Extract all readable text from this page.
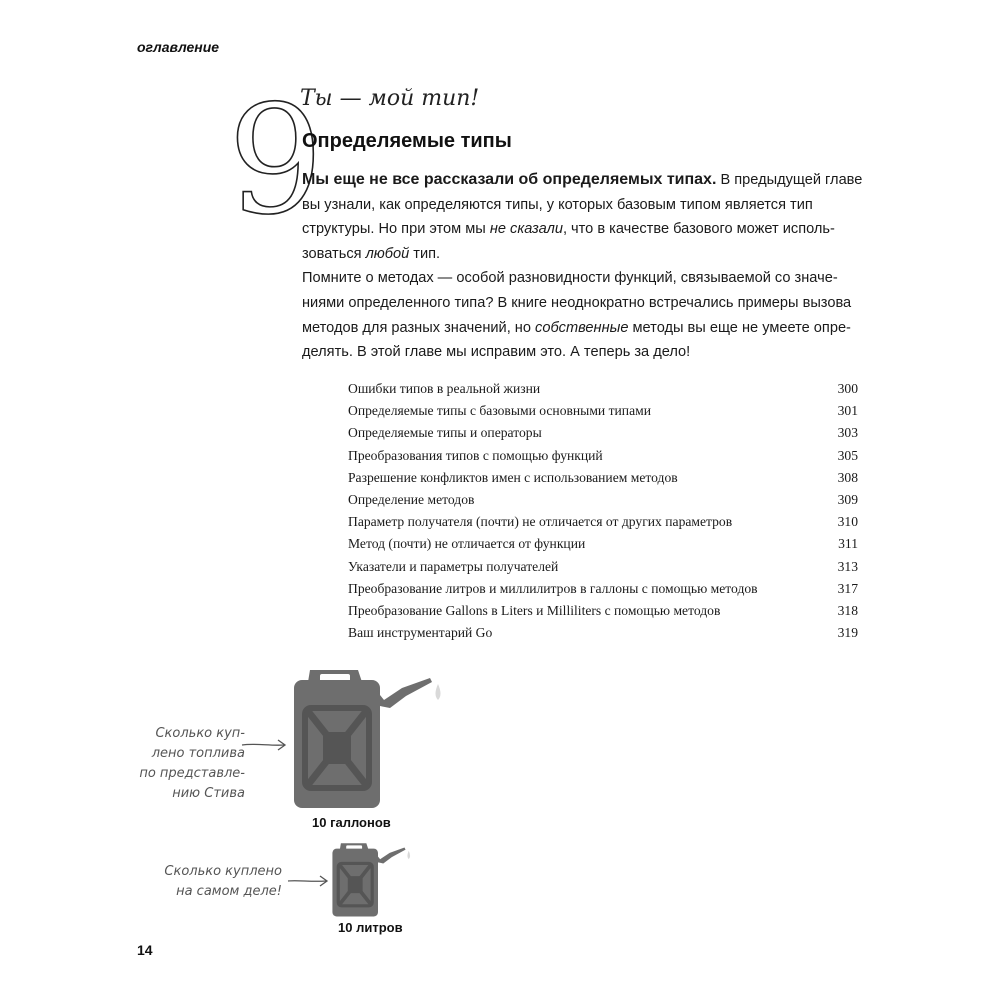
оглавление
9
Ты — мой тип!
Определяемые типы

Мы еще не все рассказали об определяемых типах. В предыдущей главе вы узнали, как определяются типы, у которых базовым типом является тип структуры. Но при этом мы не сказали, что в качестве базового может исполь-зоваться любой тип.

Помните о методах — особой разновидности функций, связываемой со значе-ниями определенного типа? В книге неоднократно встречались примеры вызова методов для разных значений, но собственные методы вы еще не умеете опре-делять. В этой главе мы исправим это. А теперь за дело!

Ошибки типов в реальной жизни	300
Определяемые типы с базовыми основными типами	301
Определяемые типы и операторы	303
Преобразования типов с помощью функций	305
Разрешение конфликтов имен с использованием методов	308
Определение методов	309
Параметр получателя (почти) не отличается от других параметров	310
Метод (почти) не отличается от функции	311
Указатели и параметры получателей	313
Преобразование литров и миллилитров в галлоны с помощью методов	317
Преобразование Gallons в Liters и Milliliters с помощью методов	318
Ваш инструментарий Go	319
Сколько куп-
лено топлива
по представле-
нию Стива
10 галлонов
Сколько куплено
на самом деле!
10 литров
14
